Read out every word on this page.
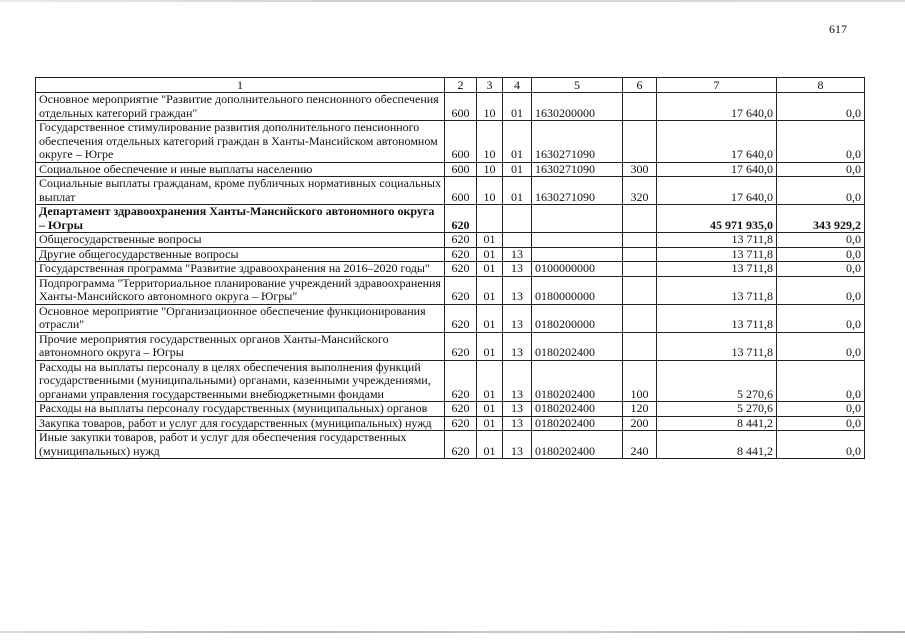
617
1	2	3	4	5	6	7	8
Основное мероприятие "Развитие дополнительного пенсионного обеспечения отдельных категорий граждан"	600	10	01	1630200000		17 640,0	0,0
Государственное стимулирование развития дополнительного пенсионного обеспечения отдельных категорий граждан в Ханты-Мансийском автономном округе – Югре	600	10	01	1630271090		17 640,0	0,0
Социальное обеспечение и иные выплаты населению	600	10	01	1630271090	300	17 640,0	0,0
Социальные выплаты гражданам, кроме публичных нормативных социальных выплат	600	10	01	1630271090	320	17 640,0	0,0
Департамент здравоохранения Ханты-Мансийского автономного округа – Югры	620					45 971 935,0	343 929,2
Общегосударственные вопросы	620	01				13 711,8	0,0
Другие общегосударственные вопросы	620	01	13			13 711,8	0,0
Государственная программа "Развитие здравоохранения на 2016–2020 годы"	620	01	13	0100000000		13 711,8	0,0
Подпрограмма "Территориальное планирование учреждений здравоохранения Ханты-Мансийского автономного округа – Югры"	620	01	13	0180000000		13 711,8	0,0
Основное мероприятие "Организационное обеспечение функционирования отрасли"	620	01	13	0180200000		13 711,8	0,0
Прочие мероприятия государственных органов Ханты-Мансийского автономного округа – Югры	620	01	13	0180202400		13 711,8	0,0
Расходы на выплаты персоналу в целях обеспечения выполнения функций государственными (муниципальными) органами, казенными учреждениями, органами управления государственными внебюджетными фондами	620	01	13	0180202400	100	5 270,6	0,0
Расходы на выплаты персоналу государственных (муниципальных) органов	620	01	13	0180202400	120	5 270,6	0,0
Закупка товаров, работ и услуг для государственных (муниципальных) нужд	620	01	13	0180202400	200	8 441,2	0,0
Иные закупки товаров, работ и услуг для обеспечения государственных (муниципальных) нужд	620	01	13	0180202400	240	8 441,2	0,0
